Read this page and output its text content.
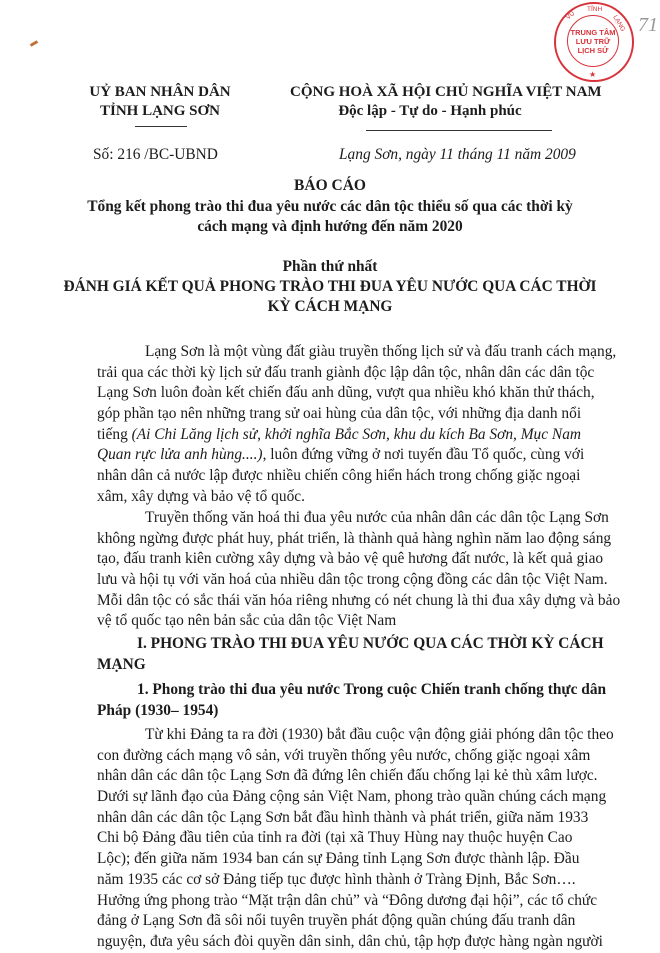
71
UỶ BAN NHÂN DÂN
TỈNH LẠNG SƠN
CỘNG HOÀ XÃ HỘI CHỦ NGHĨA VIỆT NAM
Độc lập - Tự do - Hạnh phúc
Số: 216 /BC-UBND	Lạng Sơn, ngày 11 tháng 11 năm 2009
VỤ
TỈNH
LẠNG
TRUNG TÂM
LƯU TRỮ
LỊCH SỬ
★
BÁO CÁO
Tổng kết phong trào thi đua yêu nước các dân tộc thiểu số qua các thời kỳ
cách mạng và định hướng đến năm 2020
Phần thứ nhất
ĐÁNH GIÁ KẾT QUẢ PHONG TRÀO THI ĐUA YÊU NƯỚC QUA CÁC THỜI
KỲ CÁCH MẠNG
Lạng Sơn là một vùng đất giàu truyền thống lịch sử và đấu tranh cách mạng,
trải qua các thời kỳ lịch sử đấu tranh giành độc lập dân tộc, nhân dân các dân tộc
Lạng Sơn luôn đoàn kết chiến đấu anh dũng, vượt qua nhiều khó khăn thử thách,
góp phần tạo nên những trang sử oai hùng của dân tộc, với những địa danh nổi
tiếng (Ai Chi Lăng lịch sử, khởi nghĩa Bắc Sơn, khu du kích Ba Sơn, Mục Nam
Quan rực lửa anh hùng....), luôn đứng vững ở nơi tuyến đầu Tổ quốc, cùng với
nhân dân cả nước lập được nhiều chiến công hiển hách trong chống giặc ngoại
xâm, xây dựng và bảo vệ tổ quốc.
Truyền thống văn hoá thi đua yêu nước của nhân dân các dân tộc Lạng Sơn
không ngừng được phát huy, phát triển, là thành quả hàng nghìn năm lao động sáng
tạo, đấu tranh kiên cường xây dựng và bảo vệ quê hương đất nước, là kết quả giao
lưu và hội tụ với văn hoá của nhiều dân tộc trong cộng đồng các dân tộc Việt Nam.
Mỗi dân tộc có sắc thái văn hóa riêng nhưng có nét chung là thi đua xây dựng và bảo
vệ tổ quốc tạo nên bản sắc của dân tộc Việt Nam
I. PHONG TRÀO THI ĐUA YÊU NƯỚC QUA CÁC THỜI KỲ CÁCH
MẠNG
1. Phong trào thi đua yêu nước Trong cuộc Chiến tranh chống thực dân
Pháp (1930– 1954)
Từ khi Đảng ta ra đời (1930) bắt đầu cuộc vận động giải phóng dân tộc theo
con đường cách mạng vô sản, với truyền thống yêu nước, chống giặc ngoại xâm
nhân dân các dân tộc Lạng Sơn đã đứng lên chiến đấu chống lại kẻ thù xâm lược.
Dưới sự lãnh đạo của Đảng cộng sản Việt Nam, phong trào quần chúng cách mạng
nhân dân các dân tộc Lạng Sơn bắt đầu hình thành và phát triển, giữa năm 1933
Chi bộ Đảng đầu tiên của tỉnh ra đời (tại xã Thuy Hùng nay thuộc huyện Cao
Lộc); đến giữa năm 1934 ban cán sự Đảng tỉnh Lạng Sơn được thành lập. Đầu
năm 1935 các cơ sở Đảng tiếp tục được hình thành ở Tràng Định, Bắc Sơn….
Hưởng ứng phong trào “Mặt trận dân chủ” và “Đông dương đại hội”, các tổ chức
đảng ở Lạng Sơn đã sôi nổi tuyên truyền phát động quần chúng đấu tranh dân
nguyện, đưa yêu sách đòi quyền dân sinh, dân chủ, tập hợp được hàng ngàn người
